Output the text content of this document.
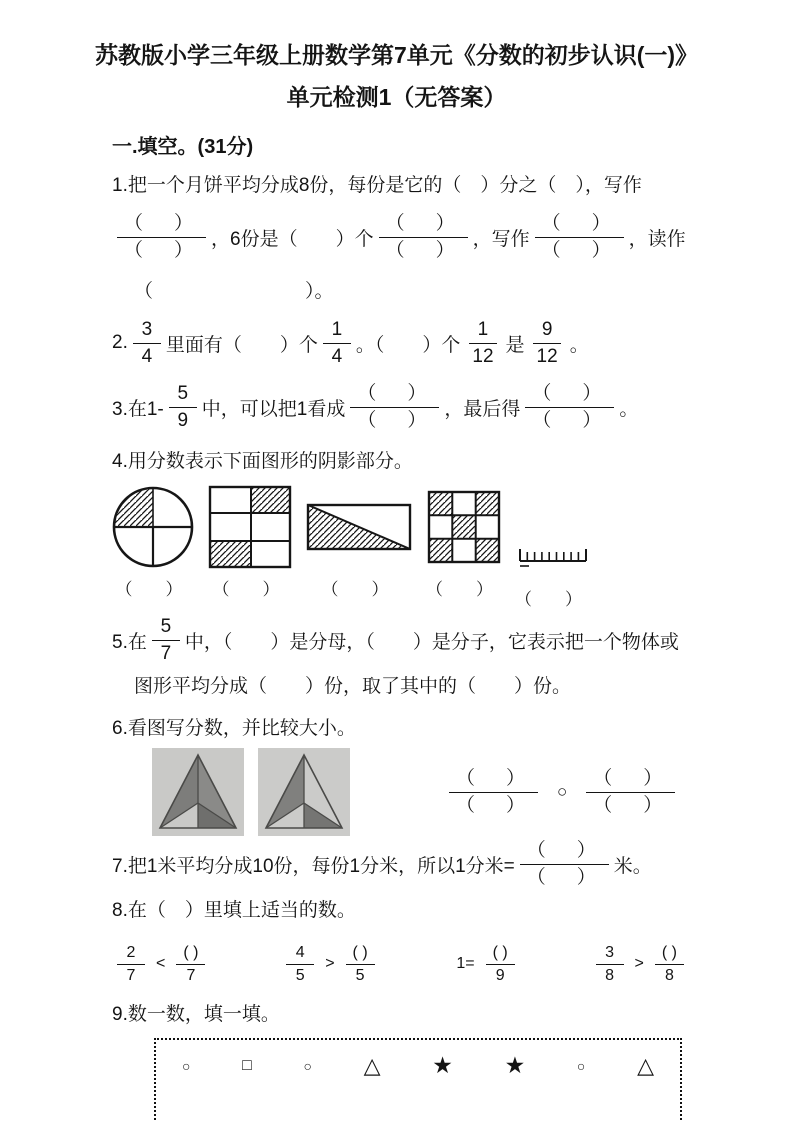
苏教版小学三年级上册数学第7单元《分数的初步认识(一)》
单元检测1（无答案）
一.填空。(31分)
1.把一个月饼平均分成8份，每份是它的（　）分之（　），写作
$\frac{( )}{( )}$ ，6份是（　　）个 $\frac{( )}{( )}$ ，写作 $\frac{( )}{( )}$ ，读作
（　　　　　　　　）。
2. $\frac{3}{4}$ 里面有（　　）个 $\frac{1}{4}$ 。（　　）个 $\frac{1}{12}$ 是 $\frac{9}{12}$ 。
3.在$1- \frac{5}{9}$ 中，可以把1看成 $\frac{( )}{( )}$ ，最后得 $\frac{( )}{( )}$ 。
4.用分数表示下面图形的阴影部分。
（　） （　） （　） （　）
（　）
5.在 $\frac{5}{7}$ 中，（　　）是分母，（　　）是分子，它表示把一个物体或
图形平均分成（　　）份，取了其中的（　　）份。
6.看图写分数，并比较大小。
$\frac{( )}{( )}$ ○ $\frac{( )}{( )}$
7.把1米平均分成10份，每份1分米，所以1分米= $\frac{( )}{( )}$ 米。
8.在（　）里填上适当的数。
$\frac{2}{7} < \frac{( )}{7}$	$\frac{4}{5} > \frac{( )}{5}$	$1= \frac{( )}{9}$	$\frac{3}{8} > \frac{( )}{8}$
9.数一数，填一填。
○	□	○ △ ★ ★	○ △
